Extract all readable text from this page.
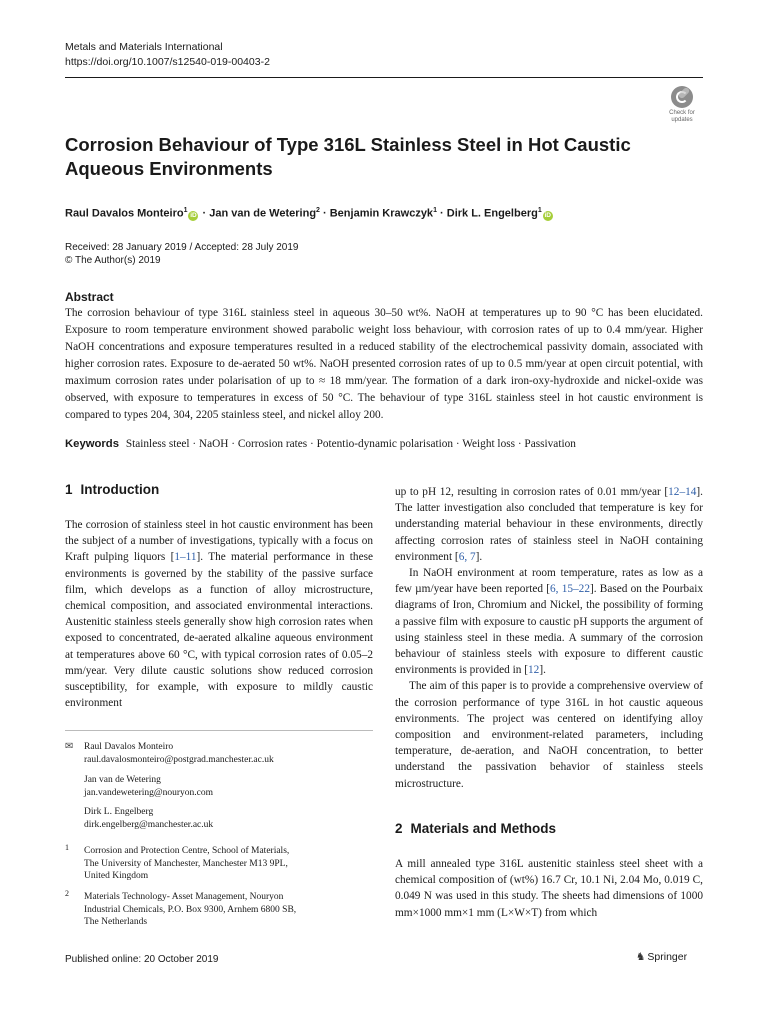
Metals and Materials International
https://doi.org/10.1007/s12540-019-00403-2
Check for
updates
Corrosion Behaviour of Type 316L Stainless Steel in Hot Caustic
Aqueous Environments
Raul Davalos Monteiro$^1$iD · Jan van de Wetering$^2$ · Benjamin Krawczyk$^1$ · Dirk L. Engelberg$^1$iD
Received: 28 January 2019 / Accepted: 28 July 2019
© The Author(s) 2019
Abstract
The corrosion behaviour of type 316L stainless steel in aqueous 30–50 wt%. NaOH at temperatures up to 90 °C has been elucidated. Exposure to room temperature environment showed parabolic weight loss behaviour, with corrosion rates of up to 0.4 mm/year. Higher NaOH concentrations and exposure temperatures resulted in a reduced stability of the electrochemical passivity domain, associated with higher corrosion rates. Exposure to de-aerated 50 wt%. NaOH presented corrosion rates of up to 0.5 mm/year at open circuit potential, with maximum corrosion rates under polarisation of up to ≈ 18 mm/year. The formation of a dark iron-oxy-hydroxide and nickel-oxide was observed, with exposure to temperatures in excess of 50 °C. The behaviour of type 316L stainless steel in hot caustic environment is compared to types 204, 304, 2205 stainless steel, and nickel alloy 200.
Keywords Stainless steel · NaOH · Corrosion rates · Potentio-dynamic polarisation · Weight loss · Passivation
1 Introduction

The corrosion of stainless steel in hot caustic environment has been the subject of a number of investigations, typically with a focus on Kraft pulping liquors [1–11]. The material performance in these environments is governed by the stability of the passive surface film, which develops as a function of alloy microstructure, chemical composition, and associated environmental interactions. Austenitic stainless steels generally show high corrosion rates when exposed to concentrated, de-aerated alkaline aqueous environment at temperatures above 60 °C, with typical corrosion rates of 0.05–2 mm/year. Very dilute caustic solutions show reduced corrosion susceptibility, for example, with exposure to mildly caustic environment

✉	Raul Davalos Monteiro
raul.davalosmonteiro@postgrad.manchester.ac.uk
Jan van de Wetering
jan.vandewetering@nouryon.com
Dirk L. Engelberg
dirk.engelberg@manchester.ac.uk
1 Corrosion and Protection Centre, School of Materials,
The University of Manchester, Manchester M13 9PL,
United Kingdom
2 Materials Technology- Asset Management, Nouryon
Industrial Chemicals, P.O. Box 9300, Arnhem 6800 SB,
The Netherlands

up to pH 12, resulting in corrosion rates of 0.01 mm/year [12–14]. The latter investigation also concluded that temperature is key for understanding material behaviour in these environments, directly affecting corrosion rates of stainless steel in NaOH containing environment [6, 7].

In NaOH environment at room temperature, rates as low as a few µm/year have been reported [6, 15–22]. Based on the Pourbaix diagrams of Iron, Chromium and Nickel, the possibility of forming a passive film with exposure to caustic pH supports the argument of using stainless steel in these media. A summary of the corrosion behaviour of stainless steels with exposure to different caustic environments is provided in [12].

The aim of this paper is to provide a comprehensive overview of the corrosion performance of type 316L in hot caustic aqueous environments. The project was centered on identifying alloy composition and environment-related parameters, including temperature, de-aeration, and NaOH concentration, to better understand the passivation behavior of stainless steels microstructure.

2 Materials and Methods

A mill annealed type 316L austenitic stainless steel sheet with a chemical composition of (wt%) 16.7 Cr, 10.1 Ni, 2.04 Mo, 0.019 C, 0.049 N was used in this study. The sheets had dimensions of 1000 mm×1000 mm×1 mm (L×W×T) from which

Published online: 20 October 2019	♞ Springer
